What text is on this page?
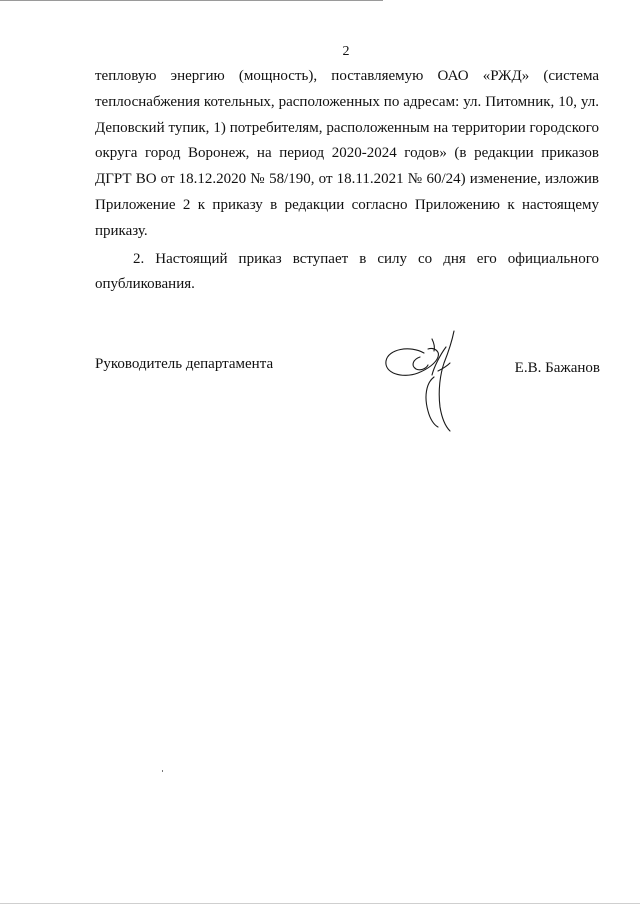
2

тепловую энергию (мощность), поставляемую ОАО «РЖД» (система теплоснабжения котельных, расположенных по адресам: ул. Питомник, 10, ул. Деповский тупик, 1) потребителям, расположенным на территории городского округа город Воронеж, на период 2020-2024 годов» (в редакции приказов ДГРТ ВО от 18.12.2020 № 58/190, от 18.11.2021 № 60/24) изменение, изложив Приложение 2 к приказу в редакции согласно Приложению к настоящему приказу.

2. Настоящий приказ вступает в силу со дня его официального опубликования.

Руководитель департамента	Е.В. Бажанов
